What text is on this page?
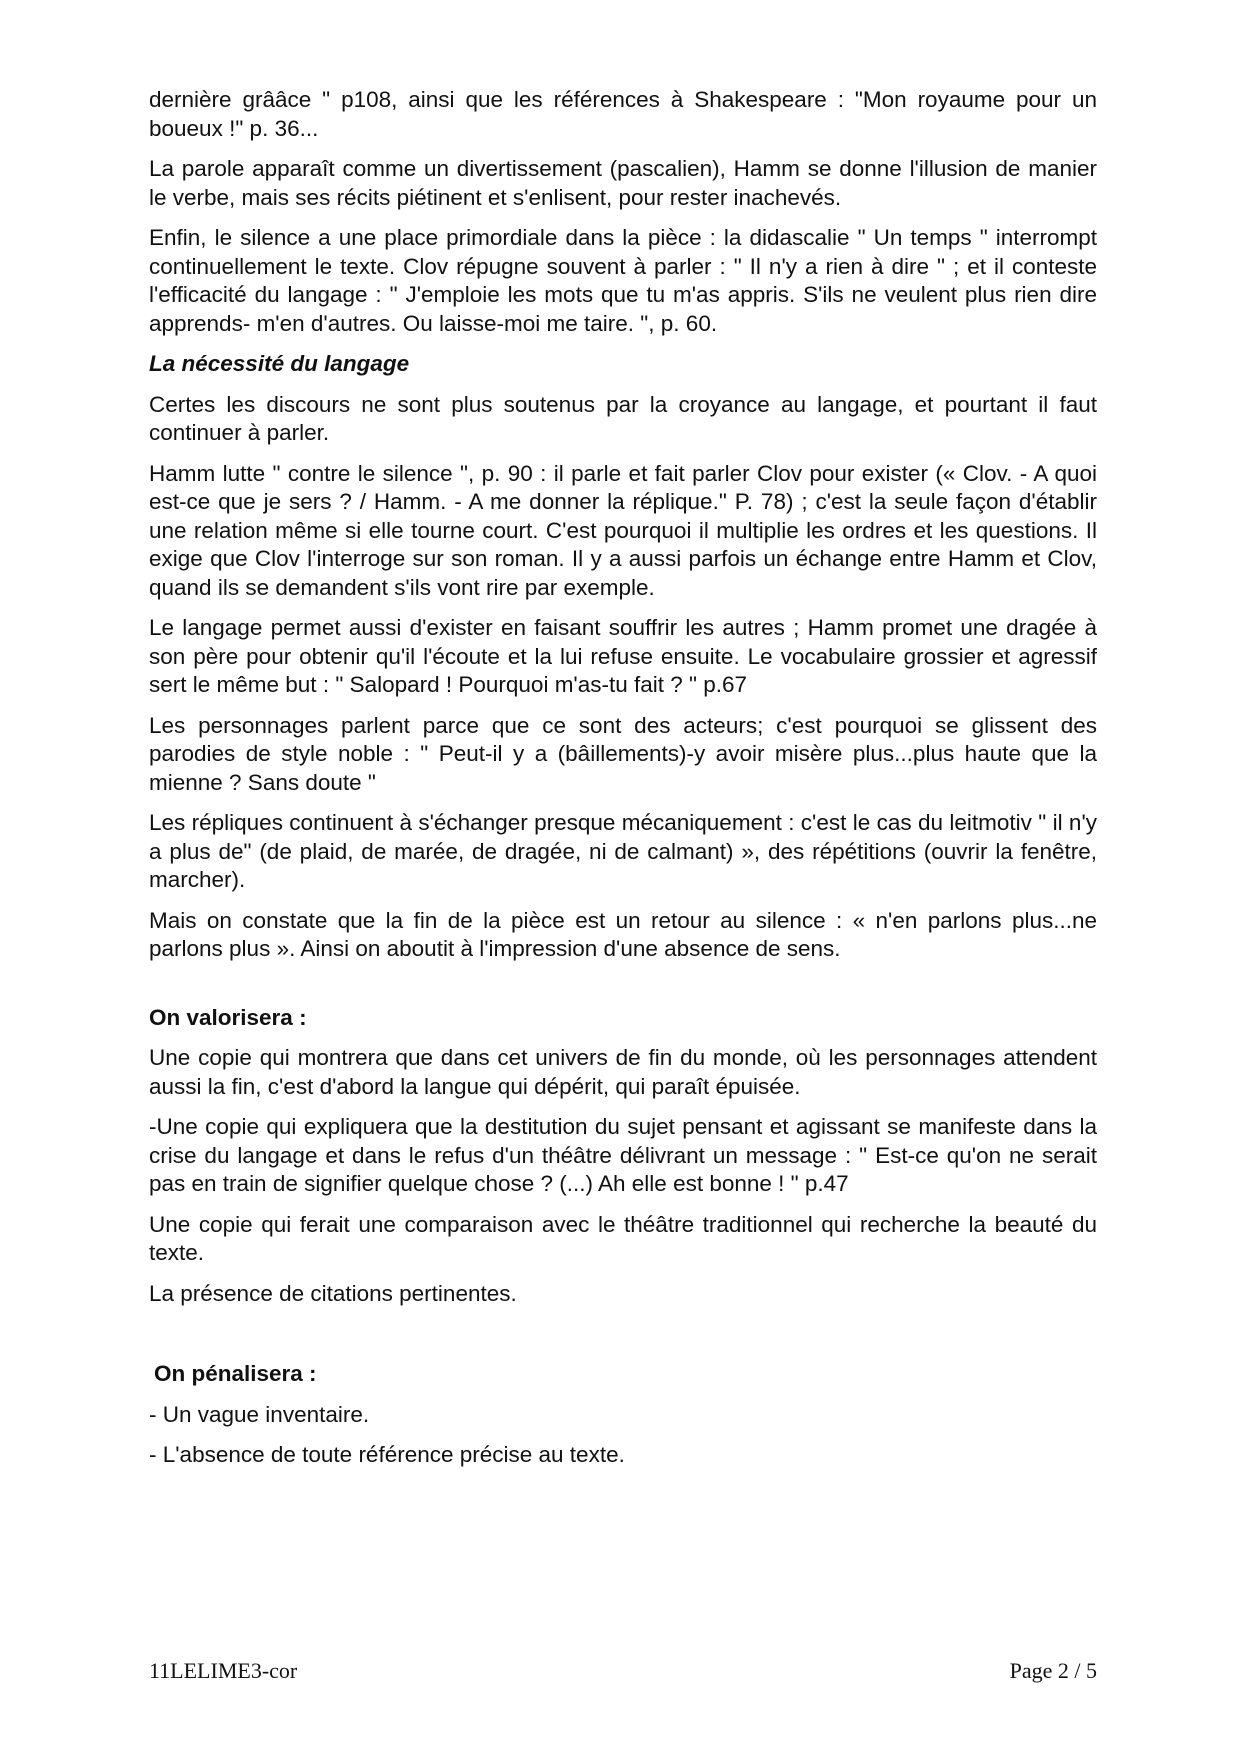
dernière grââce " p108, ainsi que les références à Shakespeare : "Mon royaume pour un boueux !" p. 36...

La parole apparaît comme un divertissement (pascalien), Hamm se donne l'illusion de manier le verbe, mais ses récits piétinent et s'enlisent, pour rester inachevés.

Enfin, le silence a une place primordiale dans la pièce : la didascalie " Un temps " interrompt continuellement le texte. Clov répugne souvent à parler : " Il n'y a rien à dire " ; et il conteste l'efficacité du langage : " J'emploie les mots que tu m'as appris. S'ils ne veulent plus rien dire apprends- m'en d'autres. Ou laisse-moi me taire. ", p. 60.

La nécessité du langage

Certes les discours ne sont plus soutenus par la croyance au langage, et pourtant il faut continuer à parler.

Hamm lutte " contre le silence ", p. 90 : il parle et fait parler Clov pour exister (« Clov. - A quoi est-ce que je sers ? / Hamm. - A me donner la réplique." P. 78) ; c'est la seule façon d'établir une relation même si elle tourne court. C'est pourquoi il multiplie les ordres et les questions. Il exige que Clov l'interroge sur son roman. Il y a aussi parfois un échange entre Hamm et Clov, quand ils se demandent s'ils vont rire par exemple.

Le langage permet aussi d'exister en faisant souffrir les autres ; Hamm promet une dragée à son père pour obtenir qu'il l'écoute et la lui refuse ensuite. Le vocabulaire grossier et agressif sert le même but : " Salopard ! Pourquoi m'as-tu fait ? " p.67

Les personnages parlent parce que ce sont des acteurs; c'est pourquoi se glissent des parodies de style noble : " Peut-il y a (bâillements)-y avoir misère plus...plus haute que la mienne ? Sans doute "

Les répliques continuent à s'échanger presque mécaniquement : c'est le cas du leitmotiv " il n'y a plus de" (de plaid, de marée, de dragée, ni de calmant) », des répétitions (ouvrir la fenêtre, marcher).

Mais on constate que la fin de la pièce est un retour au silence : « n'en parlons plus...ne parlons plus ». Ainsi on aboutit à l'impression d'une absence de sens.

On valorisera :

Une copie qui montrera que dans cet univers de fin du monde, où les personnages attendent aussi la fin, c'est d'abord la langue qui dépérit, qui paraît épuisée.

-Une copie qui expliquera que la destitution du sujet pensant et agissant se manifeste dans la crise du langage et dans le refus d'un théâtre délivrant un message : " Est-ce qu'on ne serait pas en train de signifier quelque chose ? (...) Ah elle est bonne ! " p.47

Une copie qui ferait une comparaison avec le théâtre traditionnel qui recherche la beauté du texte.

La présence de citations pertinentes.

On pénalisera :

- Un vague inventaire.

- L'absence de toute référence précise au texte.

11LELIME3-cor	Page 2 / 5
